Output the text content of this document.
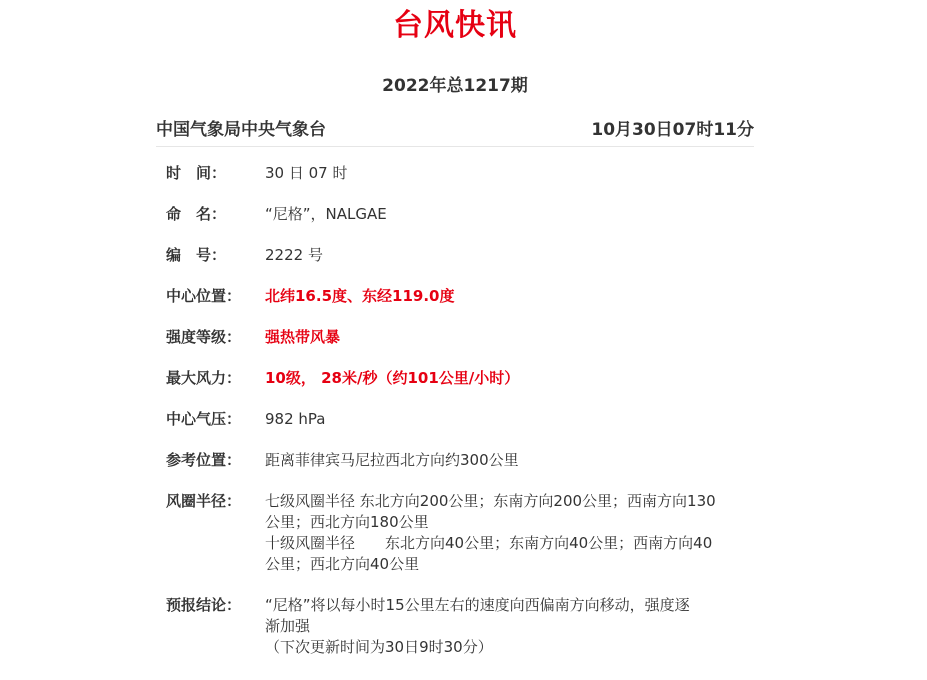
台风快讯
2022年总1217期
中国气象局中央气象台	10月30日07时11分
时　间：	30 日 07 时
命　名：	“尼格”，NALGAE
编　号：	2222 号
中心位置：	北纬16.5度、东经119.0度
强度等级：	强热带风暴
最大风力：	10级， 28米/秒（约101公里/小时）
中心气压：	982 hPa
参考位置：	距离菲律宾马尼拉西北方向约300公里
风圈半径：	七级风圈半径 东北方向200公里；东南方向200公里；西南方向130
公里；西北方向180公里
十级风圈半径　　东北方向40公里；东南方向40公里；西南方向40
公里；西北方向40公里
预报结论：	“尼格”将以每小时15公里左右的速度向西偏南方向移动，强度逐
渐加强
（下次更新时间为30日9时30分）
